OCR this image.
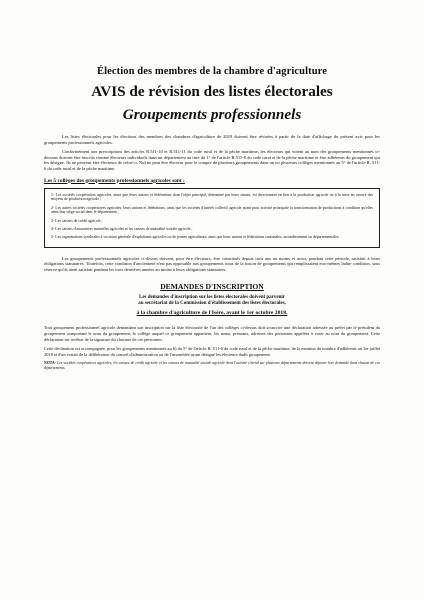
Élection des membres de la chambre d'agriculture

AVIS de révision des listes électorales

Groupements professionnels

Les listes électorales pour les élections des membres des chambres d'agriculture de 2019 doivent être révisées à partir de la date d'affichage du présent avis pour les groupements professionnels agricoles.

Conformément aux prescriptions des articles R.511-10 et R.511-11 du code rural et de la pêche maritime, les électeurs qui votent au nom des groupements mentionnés ci-dessous doivent être inscrits comme électeurs individuels dans un département au titre du 1° de l'article R.511-8 du code rural et de la pêche maritime et être adhérents du groupement qui les désigne. Ils ne peuvent être électeurs de celui-ci. Nul ne peut être électeur pour le compte de plusieurs groupements dans un ou plusieurs collèges mentionnés au 5° de l'article R. 511-6 du code rural et de la pêche maritime.

Les 5 collèges des groupements professionnels agricoles sont :

1- Les sociétés coopératives agricoles, ainsi que leurs unions et fédérations dont l'objet principal, déterminé par leurs statuts, est directement en lien à la production agricole ou à la mise en oeuvre des moyens de production agricole ;

2- Les autres sociétés coopératives agricoles, leurs unions et fédérations, ainsi que les sociétés d'intérêt collectif agricole ayant pour activité principale la transformation de productions à condition qu'elles aient leur siège social dans le département ;

3- Les caisses de crédit agricole ;

4- Les caisses d'assurances mutuelles agricoles et les caisses de mutualité sociale agricole ;

5- Les organisations syndicales à vocation générale d'exploitants agricoles ou de jeunes agriculteurs, ainsi que leurs unions et fédérations cantonales, arrondissement ou départementales.

Les groupements professionnels agricoles ci-dessus doivent, pour être électeurs, être constitués depuis trois ans au moins et avoir, pendant cette période, satisfait à leurs obligations statutaires. Toutefois, cette condition d'ancienneté n'est pas opposable aux groupements issus de la fusion de groupements qui remplissaient eux-mêmes ladite condition, sous réserve qu'ils aient satisfait pendant les trois dernières années au moins à leurs obligations statutaires.

DEMANDES D'INSCRIPTION

Les demandes d'inscription sur les listes électorales doivent parvenir

au secrétariat de la Commission d'établissement des listes électorales,

à la chambre d'agriculture de l'Isère, avant le 1er octobre 2018.

Tout groupement professionnel agricole demandant son inscription sur la liste électorale de l'un des collèges ci-dessus doit souscrire une déclaration adressée au préfet par le président du groupement comportant le nom du groupement, le collège auquel ce groupement appartient, les noms, prénoms, adresses des personnes appelées à voter au nom du groupement. Cette déclaration est revêtue de la signature du chacune de ces personnes.

Cette déclaration est accompagnée, pour les groupements mentionnés au b) du 5° de l'article R. 511-6 du code rural et de la pêche maritime, de la mention du nombre d'adhérents au 1er juillet 2018 et d'un extrait de la délibération du conseil d'administration ou de l'assemblée ayant désigné les électeurs dudit groupement.

NOTA- Les sociétés coopératives agricoles, les caisses de crédit agricole et les caisses de mutualité sociale agricole dont l'activité s'étend sur plusieurs départements doivent déposer leur demande dans chacun de ces départements.
